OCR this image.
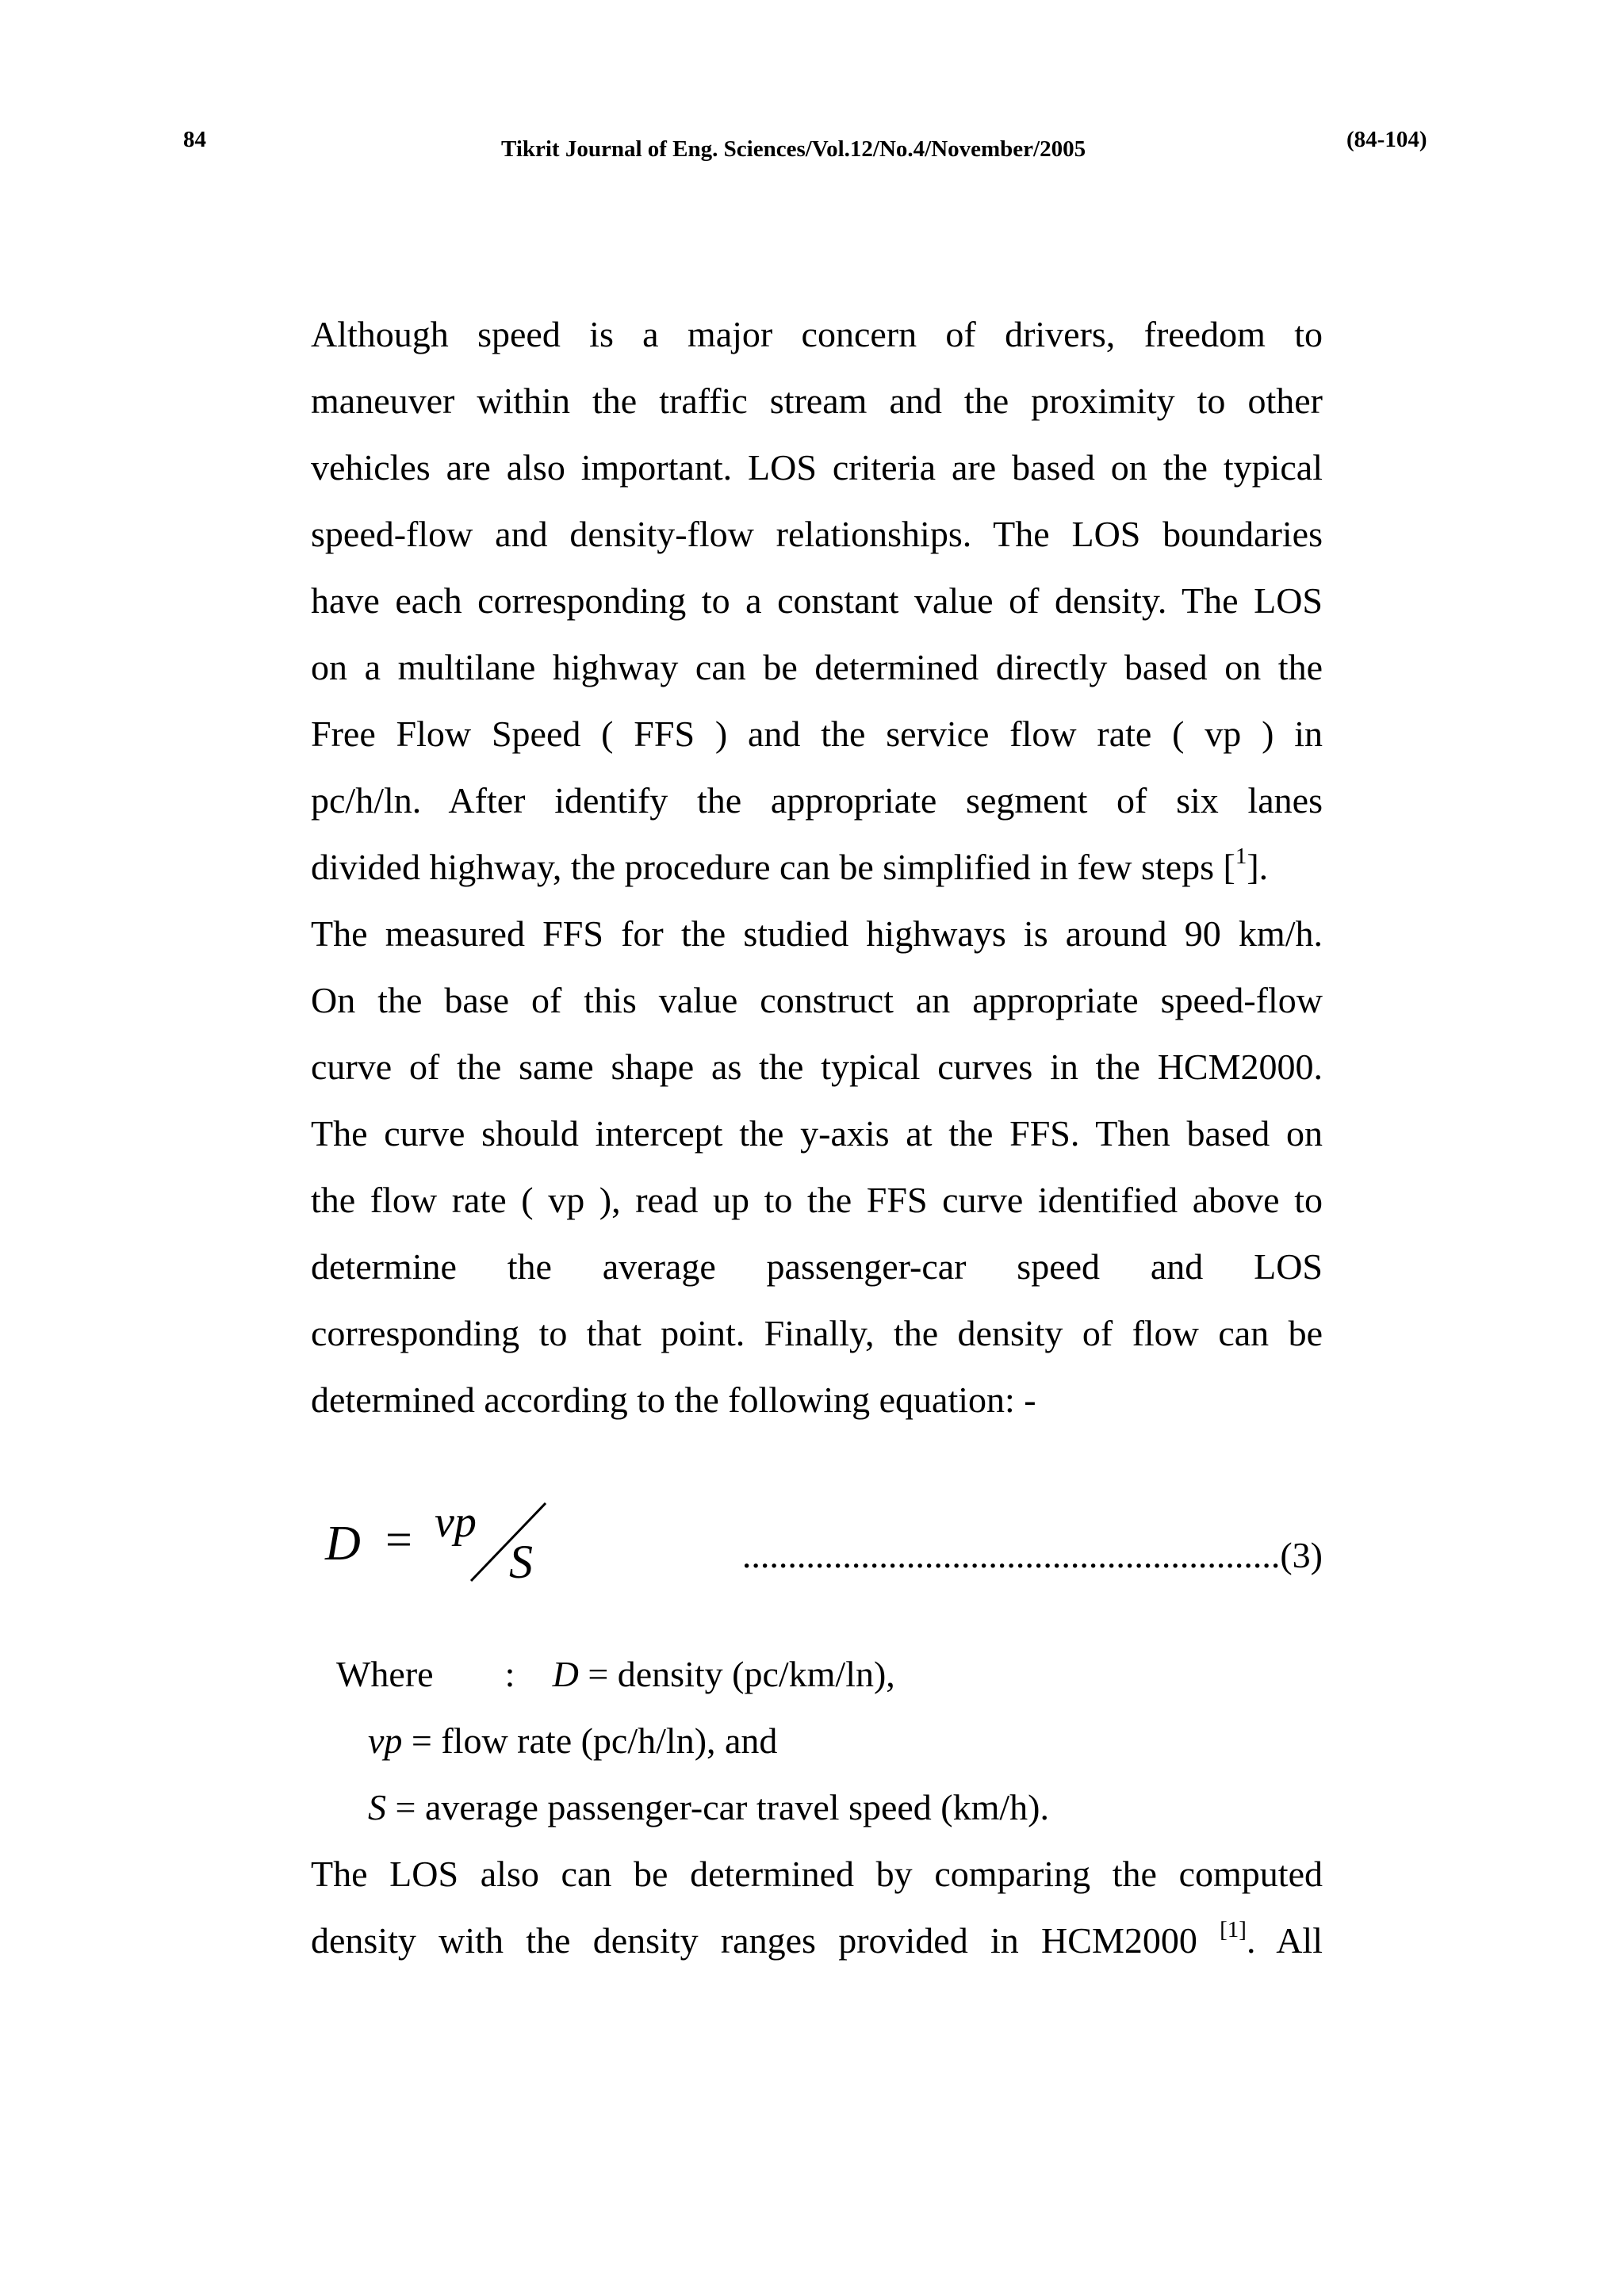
84	Tikrit Journal of Eng. Sciences/Vol.12/No.4/November/2005	(84-104)
Although speed is a major concern of drivers, freedom to
maneuver within the traffic stream and the proximity to other
vehicles are also important. LOS criteria are based on the typical
speed-flow and density-flow relationships. The LOS boundaries
have each corresponding to a constant value of density. The LOS
on a multilane highway can be determined directly based on the
Free Flow Speed ( FFS ) and the service flow rate ( vp ) in
pc/h/ln. After identify the appropriate segment of six lanes
divided highway, the procedure can be simplified in few steps [$^1$].
The measured FFS for the studied highways is around 90 km/h.
On the base of this value construct an appropriate speed-flow
curve of the same shape as the typical curves in the HCM2000.
The curve should intercept the y-axis at the FFS. Then based on
the flow rate ( vp ), read up to the FFS curve identified above to
determine the average passenger-car speed and LOS
corresponding to that point. Finally, the density of flow can be
determined according to the following equation: -
D = vp
S	...........................................................(3)
Where : D = density (pc/km/ln),
vp = flow rate (pc/h/ln), and
S = average passenger-car travel speed (km/h).
The LOS also can be determined by comparing the computed
density with the density ranges provided in HCM2000 [1]. All
